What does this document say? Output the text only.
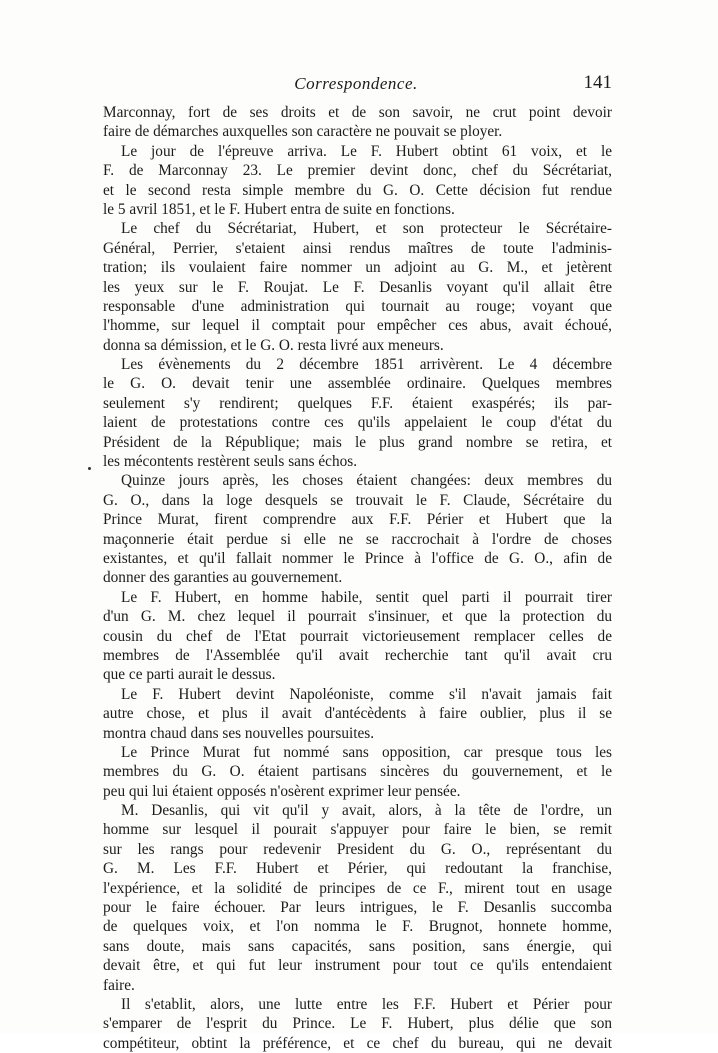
Correspondence.	141
Marconnay, fort de ses droits et de son savoir, ne crut point devoir
faire de démarches auxquelles son caractère ne pouvait se ployer.
Le jour de l'épreuve arriva. Le F. Hubert obtint 61 voix, et le
F. de Marconnay 23. Le premier devint donc, chef du Sécrétariat,
et le second resta simple membre du G. O. Cette décision fut rendue
le 5 avril 1851, et le F. Hubert entra de suite en fonctions.
Le chef du Sécrétariat, Hubert, et son protecteur le Sécrétaire-
Général, Perrier, s'etaient ainsi rendus maîtres de toute l'adminis-
tration; ils voulaient faire nommer un adjoint au G. M., et jetèrent
les yeux sur le F. Roujat. Le F. Desanlis voyant qu'il allait être
responsable d'une administration qui tournait au rouge; voyant que
l'homme, sur lequel il comptait pour empêcher ces abus, avait échoué,
donna sa démission, et le G. O. resta livré aux meneurs.
Les évènements du 2 décembre 1851 arrivèrent. Le 4 décembre
le G. O. devait tenir une assemblée ordinaire. Quelques membres
seulement s'y rendirent; quelques F.F. étaient exaspérés; ils par-
laient de protestations contre ces qu'ils appelaient le coup d'état du
Président de la République; mais le plus grand nombre se retira, et
les mécontents restèrent seuls sans échos.
Quinze jours après, les choses étaient changées: deux membres du
G. O., dans la loge desquels se trouvait le F. Claude, Sécrétaire du
Prince Murat, firent comprendre aux F.F. Périer et Hubert que la
maçonnerie était perdue si elle ne se raccrochait à l'ordre de choses
existantes, et qu'il fallait nommer le Prince à l'office de G. O., afin de
donner des garanties au gouvernement.
Le F. Hubert, en homme habile, sentit quel parti il pourrait tirer
d'un G. M. chez lequel il pourrait s'insinuer, et que la protection du
cousin du chef de l'Etat pourrait victorieusement remplacer celles de
membres de l'Assemblée qu'il avait recherchie tant qu'il avait cru
que ce parti aurait le dessus.
Le F. Hubert devint Napoléoniste, comme s'il n'avait jamais fait
autre chose, et plus il avait d'antécèdents à faire oublier, plus il se
montra chaud dans ses nouvelles poursuites.
Le Prince Murat fut nommé sans opposition, car presque tous les
membres du G. O. étaient partisans sincères du gouvernement, et le
peu qui lui étaient opposés n'osèrent exprimer leur pensée.
M. Desanlis, qui vit qu'il y avait, alors, à la tête de l'ordre, un
homme sur lesquel il pourait s'appuyer pour faire le bien, se remit
sur les rangs pour redevenir President du G. O., représentant du
G. M. Les F.F. Hubert et Périer, qui redoutant la franchise,
l'expérience, et la solidité de principes de ce F., mirent tout en usage
pour le faire échouer. Par leurs intrigues, le F. Desanlis succomba
de quelques voix, et l'on nomma le F. Brugnot, honnete homme,
sans doute, mais sans capacités, sans position, sans énergie, qui
devait être, et qui fut leur instrument pour tout ce qu'ils entendaient
faire.
Il s'etablit, alors, une lutte entre les F.F. Hubert et Périer pour
s'emparer de l'esprit du Prince. Le F. Hubert, plus délie que son
compétiteur, obtint la préférence, et ce chef du bureau, qui ne devait
